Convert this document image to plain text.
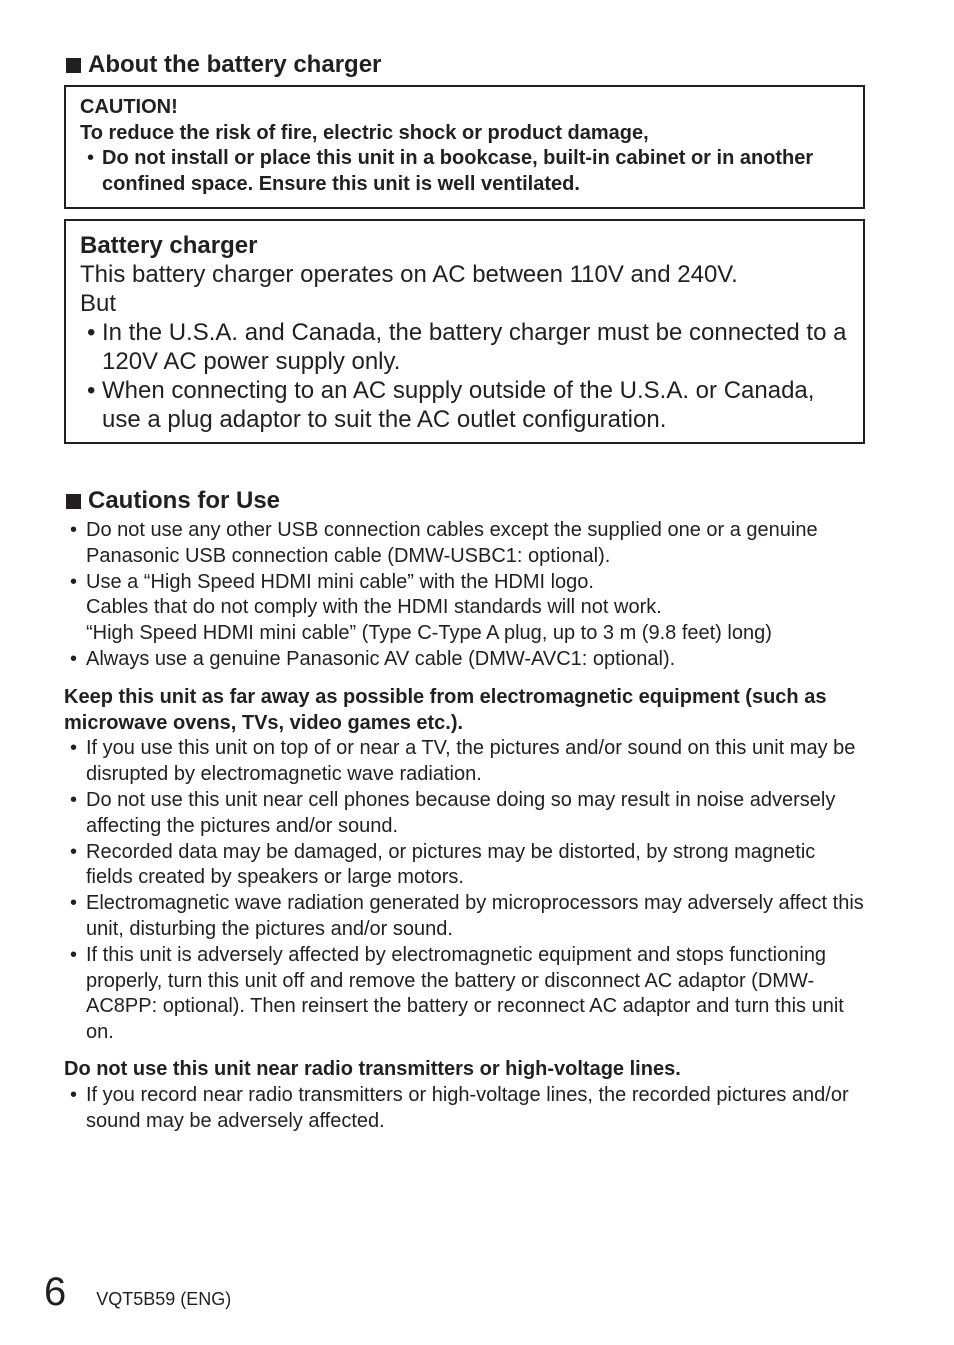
About the battery charger
CAUTION!
To reduce the risk of fire, electric shock or product damage,
• Do not install or place this unit in a bookcase, built-in cabinet or in another confined space. Ensure this unit is well ventilated.
Battery charger
This battery charger operates on AC between 110V and 240V.
But
• In the U.S.A. and Canada, the battery charger must be connected to a 120V AC power supply only.
• When connecting to an AC supply outside of the U.S.A. or Canada, use a plug adaptor to suit the AC outlet configuration.
Cautions for Use
• Do not use any other USB connection cables except the supplied one or a genuine Panasonic USB connection cable (DMW-USBC1: optional).
• Use a “High Speed HDMI mini cable” with the HDMI logo.
Cables that do not comply with the HDMI standards will not work.
“High Speed HDMI mini cable” (Type C-Type A plug, up to 3 m (9.8 feet) long)
• Always use a genuine Panasonic AV cable (DMW-AVC1: optional).
Keep this unit as far away as possible from electromagnetic equipment (such as microwave ovens, TVs, video games etc.).
• If you use this unit on top of or near a TV, the pictures and/or sound on this unit may be disrupted by electromagnetic wave radiation.
• Do not use this unit near cell phones because doing so may result in noise adversely affecting the pictures and/or sound.
• Recorded data may be damaged, or pictures may be distorted, by strong magnetic fields created by speakers or large motors.
• Electromagnetic wave radiation generated by microprocessors may adversely affect this unit, disturbing the pictures and/or sound.
• If this unit is adversely affected by electromagnetic equipment and stops functioning properly, turn this unit off and remove the battery or disconnect AC adaptor (DMW-AC8PP: optional). Then reinsert the battery or reconnect AC adaptor and turn this unit on.
Do not use this unit near radio transmitters or high-voltage lines.
• If you record near radio transmitters or high-voltage lines, the recorded pictures and/or sound may be adversely affected.
6 VQT5B59 (ENG)
